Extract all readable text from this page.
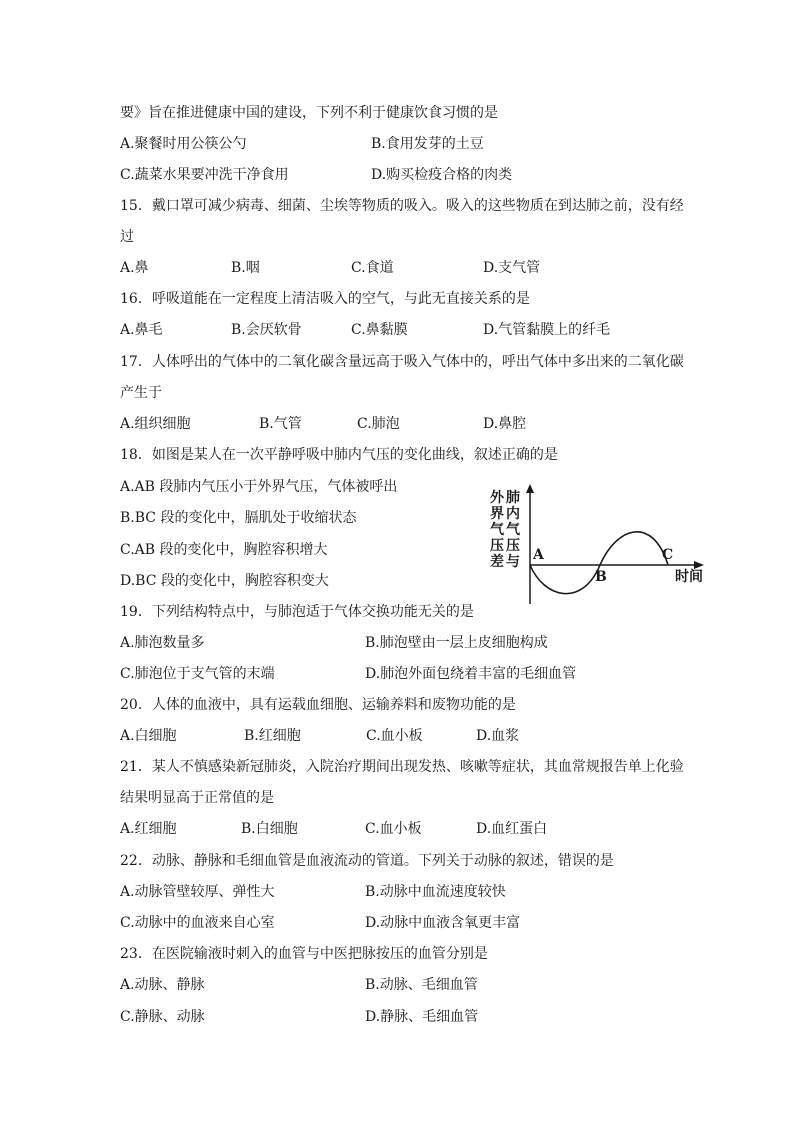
要》旨在推进健康中国的建设，下列不利于健康饮食习惯的是
A.聚餐时用公筷公勺	B.食用发芽的土豆
C.蔬菜水果要冲洗干净食用	D.购买检疫合格的肉类
15．戴口罩可减少病毒、细菌、尘埃等物质的吸入。吸入的这些物质在到达肺之前，没有经
过
A.鼻	B.咽	C.食道	D.支气管
16．呼吸道能在一定程度上清洁吸入的空气，与此无直接关系的是
A.鼻毛	B.会厌软骨	C.鼻黏膜	D.气管黏膜上的纤毛
17．人体呼出的气体中的二氧化碳含量远高于吸入气体中的，呼出气体中多出来的二氧化碳
产生于
A.组织细胞	B.气管	C.肺泡	D.鼻腔
18．如图是某人在一次平静呼吸中肺内气压的变化曲线，叙述正确的是
A.AB 段肺内气压小于外界气压，气体被呼出
B.BC 段的变化中，膈肌处于收缩状态
C.AB 段的变化中，胸腔容积增大
D.BC 段的变化中，胸腔容积变大
外
界
气
压
差
肺
内
气
压
与 A
B
C
时间
19．下列结构特点中，与肺泡适于气体交换功能无关的是
A.肺泡数量多	B.肺泡壁由一层上皮细胞构成
C.肺泡位于支气管的末端	D.肺泡外面包绕着丰富的毛细血管
20．人体的血液中，具有运载血细胞、运输养料和废物功能的是
A.白细胞	B.红细胞	C.血小板	D.血浆
21．某人不慎感染新冠肺炎，入院治疗期间出现发热、咳嗽等症状，其血常规报告单上化验
结果明显高于正常值的是
A.红细胞	B.白细胞	C.血小板	D.血红蛋白
22．动脉、静脉和毛细血管是血液流动的管道。下列关于动脉的叙述，错误的是
A.动脉管壁较厚、弹性大	B.动脉中血流速度较快
C.动脉中的血液来自心室	D.动脉中血液含氧更丰富
23．在医院输液时刺入的血管与中医把脉按压的血管分别是
A.动脉、静脉	B.动脉、毛细血管
C.静脉、动脉	D.静脉、毛细血管
